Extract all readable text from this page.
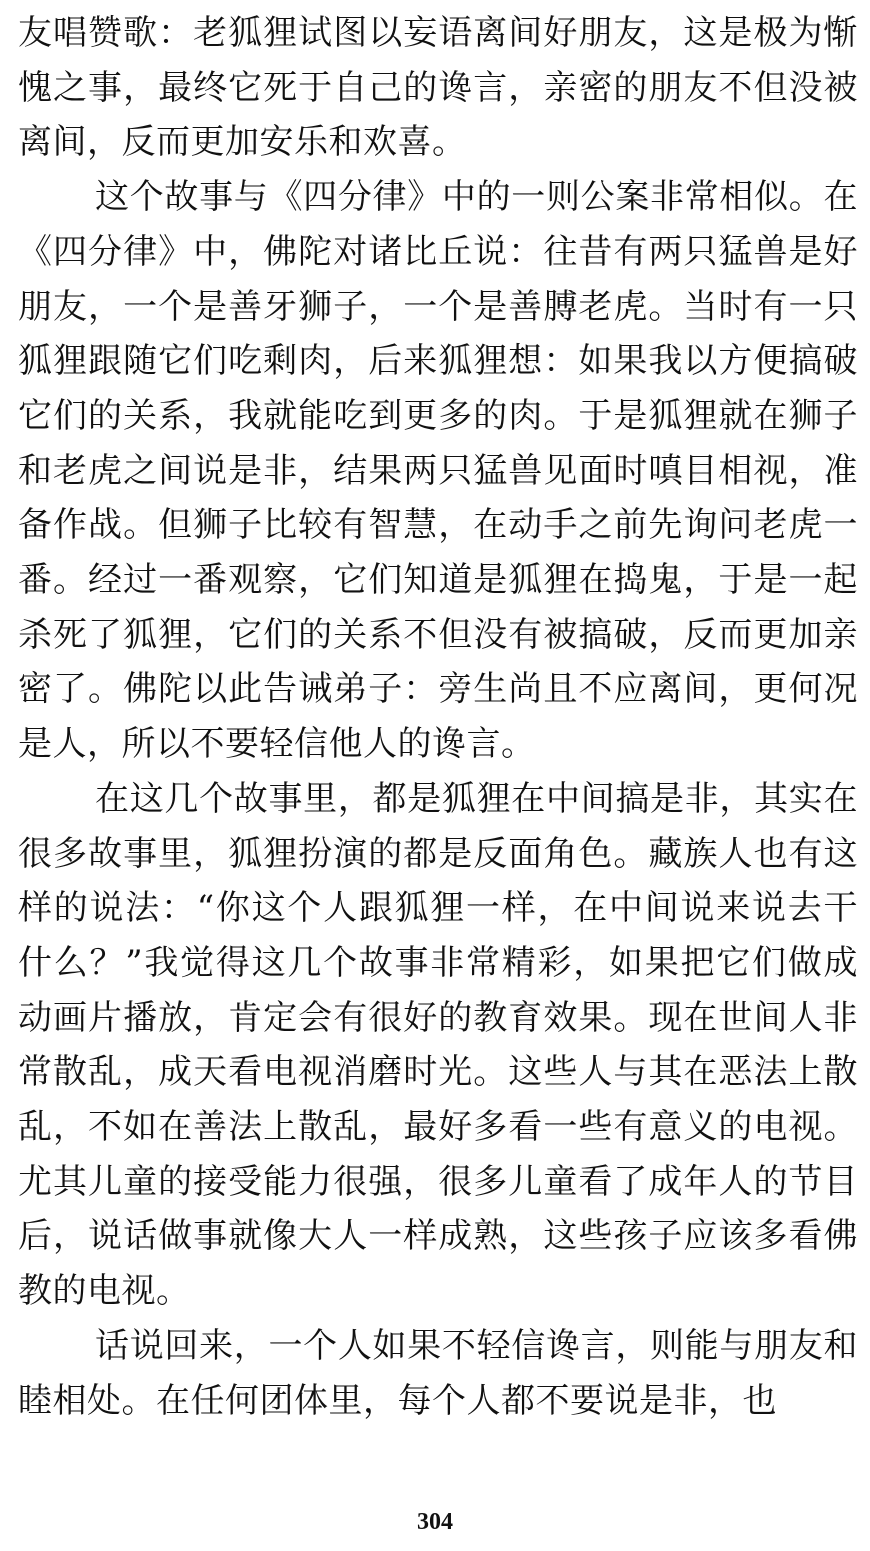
友唱赞歌：老狐狸试图以妄语离间好朋友，这是极为惭愧之事，最终它死于自己的谗言，亲密的朋友不但没被离间，反而更加安乐和欢喜。

这个故事与《四分律》中的一则公案非常相似。在《四分律》中，佛陀对诸比丘说：往昔有两只猛兽是好朋友，一个是善牙狮子，一个是善膊老虎。当时有一只狐狸跟随它们吃剩肉，后来狐狸想：如果我以方便搞破它们的关系，我就能吃到更多的肉。于是狐狸就在狮子和老虎之间说是非，结果两只猛兽见面时嗔目相视，准备作战。但狮子比较有智慧，在动手之前先询问老虎一番。经过一番观察，它们知道是狐狸在捣鬼，于是一起杀死了狐狸，它们的关系不但没有被搞破，反而更加亲密了。佛陀以此告诫弟子：旁生尚且不应离间，更何况是人，所以不要轻信他人的谗言。

在这几个故事里，都是狐狸在中间搞是非，其实在很多故事里，狐狸扮演的都是反面角色。藏族人也有这样的说法：“你这个人跟狐狸一样，在中间说来说去干什么？”我觉得这几个故事非常精彩，如果把它们做成动画片播放，肯定会有很好的教育效果。现在世间人非常散乱，成天看电视消磨时光。这些人与其在恶法上散乱，不如在善法上散乱，最好多看一些有意义的电视。尤其儿童的接受能力很强，很多儿童看了成年人的节目后，说话做事就像大人一样成熟，这些孩子应该多看佛教的电视。

话说回来，一个人如果不轻信谗言，则能与朋友和睦相处。在任何团体里，每个人都不要说是非，也

304
